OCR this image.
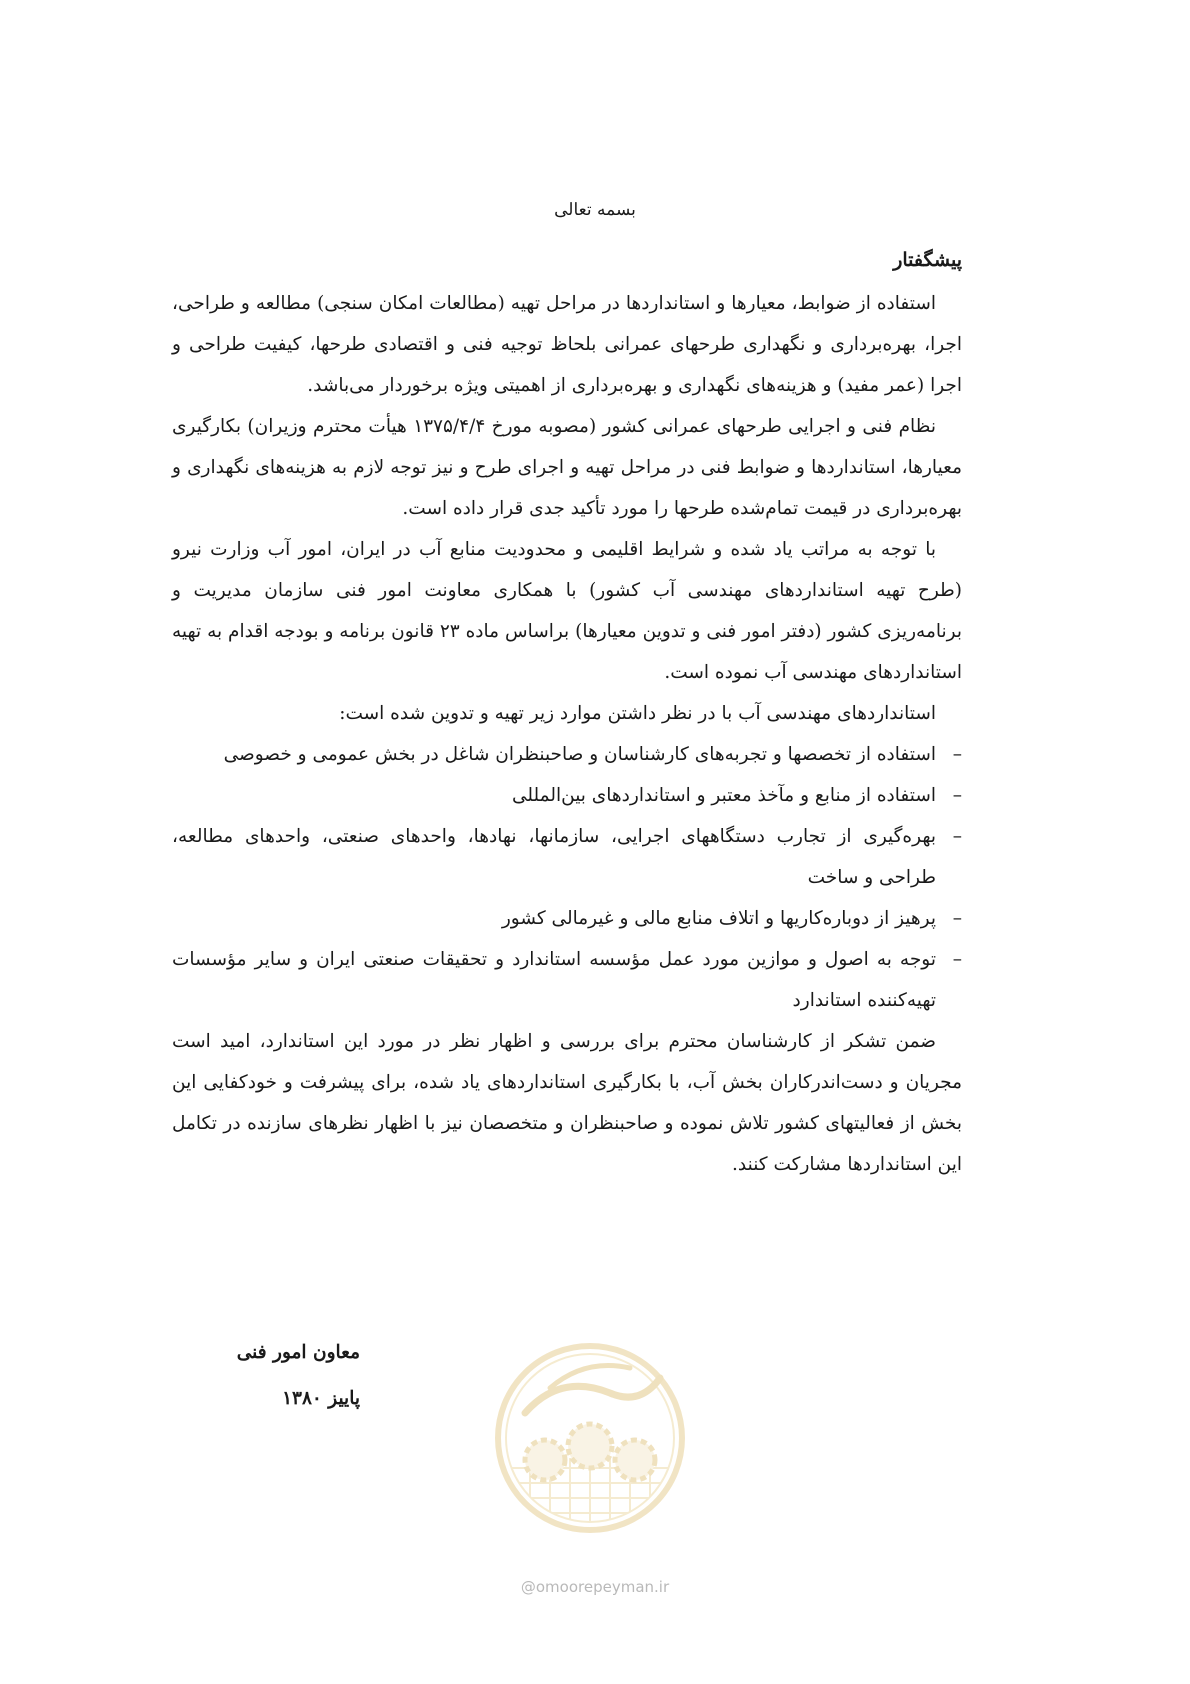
بسمه تعالی
پیشگفتار

استفاده از ضوابط، معیارها و استانداردها در مراحل تهیه (مطالعات امکان سنجی) مطالعه و طراحی، اجرا، بهره‌برداری و نگهداری طرحهای عمرانی بلحاظ توجیه فنی و اقتصادی طرحها، کیفیت طراحی و اجرا (عمر مفید) و هزینه‌های نگهداری و بهره‌برداری از اهمیتی ویژه برخوردار می‌باشد.

نظام فنی و اجرایی طرحهای عمرانی کشور (مصوبه مورخ ۱۳۷۵/۴/۴ هیأت محترم وزیران) بکارگیری معیارها، استانداردها و ضوابط فنی در مراحل تهیه و اجرای طرح و نیز توجه لازم به هزینه‌های نگهداری و بهره‌برداری در قیمت تمام‌شده طرحها را مورد تأکید جدی قرار داده است.

با توجه به مراتب یاد شده و شرایط اقلیمی و محدودیت منابع آب در ایران، امور آب وزارت نیرو (طرح تهیه استانداردهای مهندسی آب کشور) با همکاری معاونت امور فنی سازمان مدیریت و برنامه‌ریزی کشور (دفتر امور فنی و تدوین معیارها) براساس ماده ۲۳ قانون برنامه و بودجه اقدام به تهیه استانداردهای مهندسی آب نموده است.

استانداردهای مهندسی آب با در نظر داشتن موارد زیر تهیه و تدوین شده است:

–
استفاده از تخصصها و تجربه‌های کارشناسان و صاحبنظران شاغل در بخش عمومی و خصوصی
–
استفاده از منابع و مآخذ معتبر و استانداردهای بین‌المللی
–
بهره‌گیری از تجارب دستگاههای اجرایی، سازمانها، نهادها، واحدهای صنعتی، واحدهای مطالعه، طراحی و ساخت
–
پرهیز از دوباره‌کاریها و اتلاف منابع مالی و غیرمالی کشور
–
توجه به اصول و موازین مورد عمل مؤسسه استاندارد و تحقیقات صنعتی ایران و سایر مؤسسات تهیه‌کننده استاندارد

ضمن تشکر از کارشناسان محترم برای بررسی و اظهار نظر در مورد این استاندارد، امید است مجریان و دست‌اندرکاران بخش آب، با بکارگیری استانداردهای یاد شده، برای پیشرفت و خودکفایی این بخش از فعالیتهای کشور تلاش نموده و صاحبنظران و متخصصان نیز با اظهار نظرهای سازنده در تکامل این استانداردها مشارکت کنند.

معاون امور فنی
پاییز ۱۳۸۰
@omoorepeyman.ir
